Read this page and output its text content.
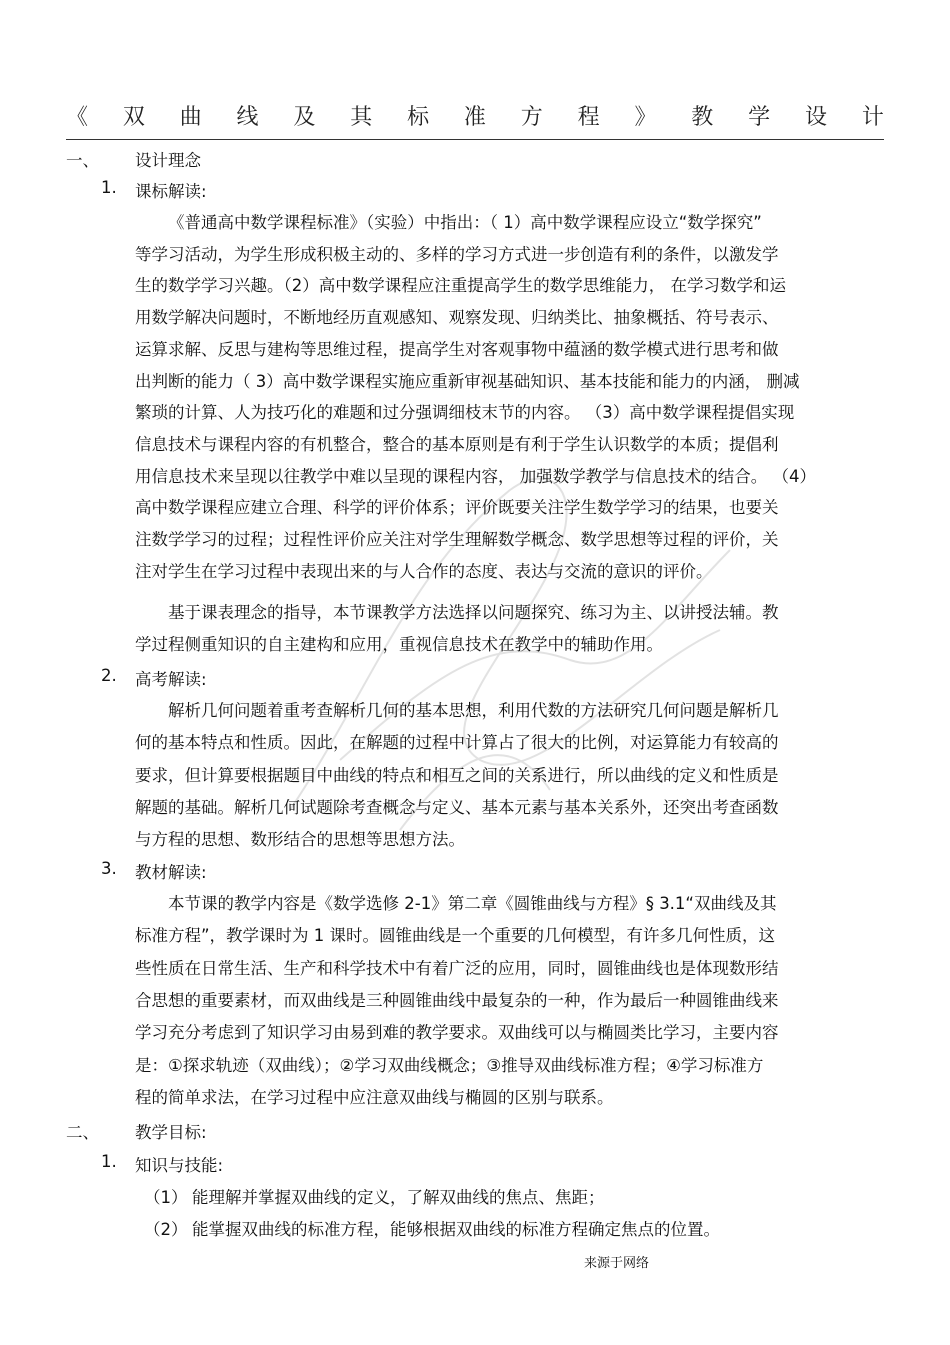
《 双 曲 线 及 其 标 准 方 程 》 教 学 设 计
一、 设计理念
1. 课标解读:
《普通高中数学课程标准》（实验）中指出：（ 1）高中数学课程应设立“数学探究”
等学习活动，为学生形成积极主动的、多样的学习方式进一步创造有利的条件，以激发学
生的数学学习兴趣。（2）高中数学课程应注重提高学生的数学思维能力， 在学习数学和运
用数学解决问题时，不断地经历直观感知、观察发现、归纳类比、抽象概括、符号表示、
运算求解、反思与建构等思维过程，提高学生对客观事物中蕴涵的数学模式进行思考和做
出判断的能力（ 3）高中数学课程实施应重新审视基础知识、基本技能和能力的内涵， 删减
繁琐的计算、人为技巧化的难题和过分强调细枝末节的内容。 （3）高中数学课程提倡实现
信息技术与课程内容的有机整合，整合的基本原则是有利于学生认识数学的本质；提倡利
用信息技术来呈现以往教学中难以呈现的课程内容， 加强数学教学与信息技术的结合。 （4）
高中数学课程应建立合理、科学的评价体系；评价既要关注学生数学学习的结果，也要关
注数学学习的过程；过程性评价应关注对学生理解数学概念、数学思想等过程的评价，关
注对学生在学习过程中表现出来的与人合作的态度、表达与交流的意识的评价。
基于课表理念的指导，本节课教学方法选择以问题探究、练习为主、以讲授法辅。教
学过程侧重知识的自主建构和应用，重视信息技术在教学中的辅助作用。
2. 高考解读:
解析几何问题着重考查解析几何的基本思想，利用代数的方法研究几何问题是解析几
何的基本特点和性质。因此，在解题的过程中计算占了很大的比例，对运算能力有较高的
要求，但计算要根据题目中曲线的特点和相互之间的关系进行，所以曲线的定义和性质是
解题的基础。解析几何试题除考查概念与定义、基本元素与基本关系外，还突出考查函数
与方程的思想、数形结合的思想等思想方法。
3. 教材解读:
本节课的教学内容是《数学选修 2-1》第二章《圆锥曲线与方程》§ 3.1“双曲线及其
标准方程”，教学课时为 1 课时。圆锥曲线是一个重要的几何模型，有许多几何性质，这
些性质在日常生活、生产和科学技术中有着广泛的应用，同时，圆锥曲线也是体现数形结
合思想的重要素材，而双曲线是三种圆锥曲线中最复杂的一种，作为最后一种圆锥曲线来
学习充分考虑到了知识学习由易到难的教学要求。双曲线可以与椭圆类比学习，主要内容
是：①探求轨迹（双曲线）；②学习双曲线概念；③推导双曲线标准方程；④学习标准方
程的简单求法，在学习过程中应注意双曲线与椭圆的区别与联系。
二、 教学目标:
1. 知识与技能:
（1） 能理解并掌握双曲线的定义，了解双曲线的焦点、焦距；
（2） 能掌握双曲线的标准方程，能够根据双曲线的标准方程确定焦点的位置。
来源于网络
